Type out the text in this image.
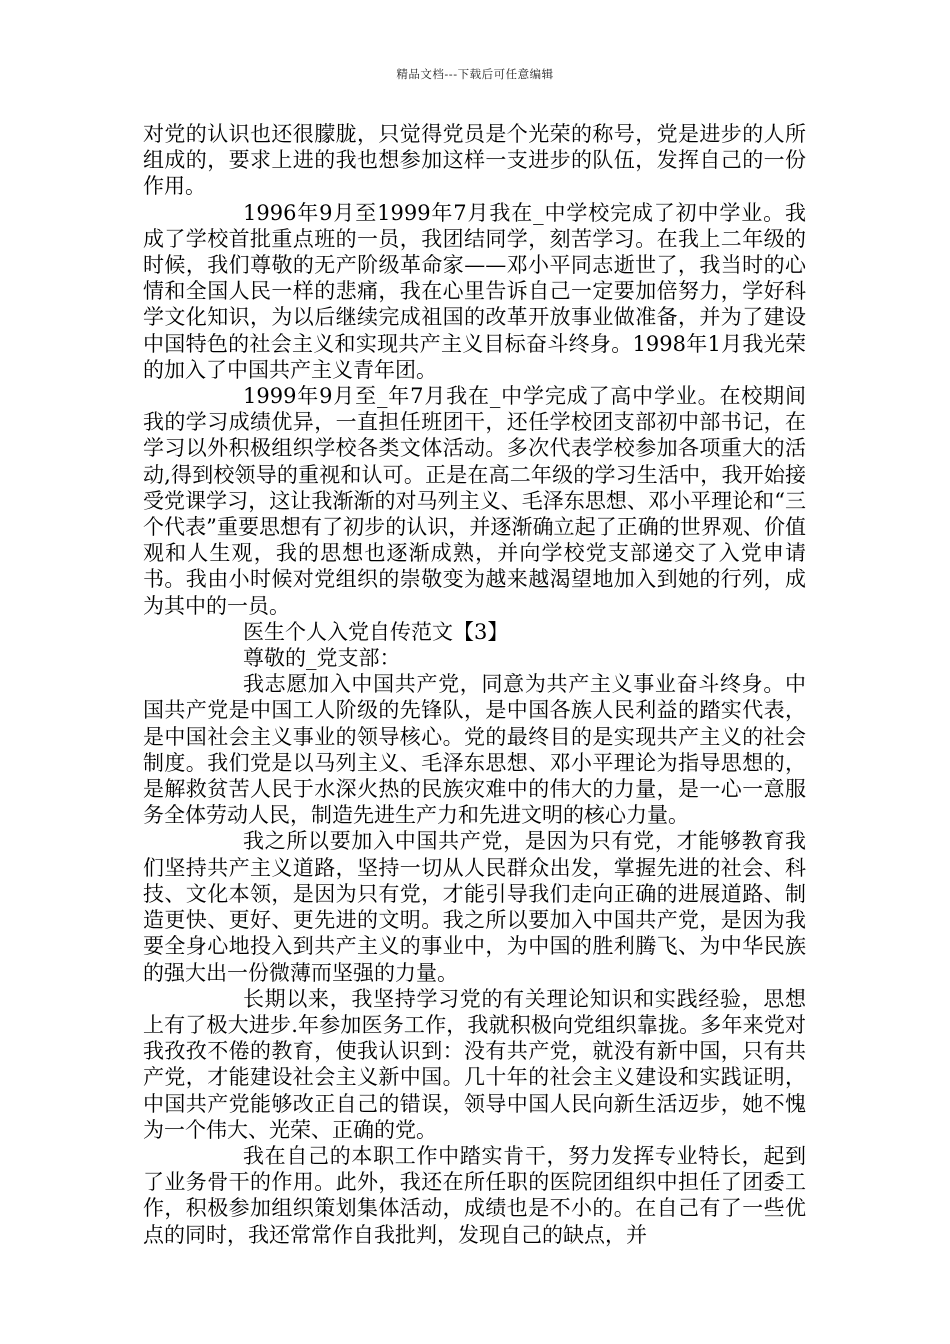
精品文档---下载后可任意编辑

对党的认识也还很朦胧，只觉得党员是个光荣的称号，党是进步的人所组成的，要求上进的我也想参加这样一支进步的队伍，发挥自己的一份作用。

1996年9月至1999年7月我在_中学校完成了初中学业。我成了学校首批重点班的一员，我团结同学，刻苦学习。在我上二年级的时候，我们尊敬的无产阶级革命家——邓小平同志逝世了，我当时的心情和全国人民一样的悲痛，我在心里告诉自己一定要加倍努力，学好科学文化知识，为以后继续完成祖国的改革开放事业做准备，并为了建设中国特色的社会主义和实现共产主义目标奋斗终身。1998年1月我光荣的加入了中国共产主义青年团。

1999年9月至_年7月我在_中学完成了高中学业。在校期间我的学习成绩优异，一直担任班团干，还任学校团支部初中部书记，在学习以外积极组织学校各类文体活动。多次代表学校参加各项重大的活动,得到校领导的重视和认可。正是在高二年级的学习生活中，我开始接受党课学习，这让我渐渐的对马列主义、毛泽东思想、邓小平理论和“三个代表”重要思想有了初步的认识，并逐渐确立起了正确的世界观、价值观和人生观，我的思想也逐渐成熟，并向学校党支部递交了入党申请书。我由小时候对党组织的崇敬变为越来越渴望地加入到她的行列，成为其中的一员。

医生个人入党自传范文【3】

尊敬的_党支部：

我志愿加入中国共产党，同意为共产主义事业奋斗终身。中国共产党是中国工人阶级的先锋队，是中国各族人民利益的踏实代表，是中国社会主义事业的领导核心。党的最终目的是实现共产主义的社会制度。我们党是以马列主义、毛泽东思想、邓小平理论为指导思想的，是解救贫苦人民于水深火热的民族灾难中的伟大的力量，是一心一意服务全体劳动人民，制造先进生产力和先进文明的核心力量。

我之所以要加入中国共产党，是因为只有党，才能够教育我们坚持共产主义道路，坚持一切从人民群众出发，掌握先进的社会、科技、文化本领，是因为只有党，才能引导我们走向正确的进展道路、制造更快、更好、更先进的文明。我之所以要加入中国共产党，是因为我要全身心地投入到共产主义的事业中，为中国的胜利腾飞、为中华民族的强大出一份微薄而坚强的力量。

长期以来，我坚持学习党的有关理论知识和实践经验，思想上有了极大进步.年参加医务工作，我就积极向党组织靠拢。多年来党对我孜孜不倦的教育，使我认识到：没有共产党，就没有新中国，只有共产党，才能建设社会主义新中国。几十年的社会主义建设和实践证明，中国共产党能够改正自己的错误，领导中国人民向新生活迈步，她不愧为一个伟大、光荣、正确的党。

我在自己的本职工作中踏实肯干，努力发挥专业特长，起到了业务骨干的作用。此外，我还在所任职的医院团组织中担任了团委工作，积极参加组织策划集体活动，成绩也是不小的。在自己有了一些优点的同时，我还常常作自我批判，发现自己的缺点，并
